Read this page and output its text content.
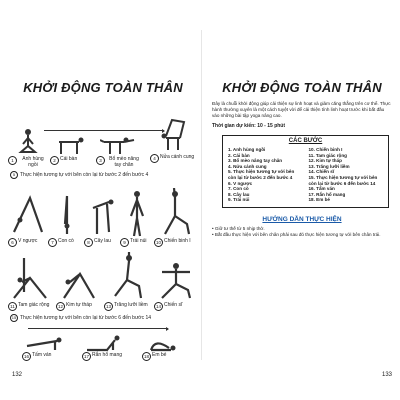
KHỞI ĐỘNG TOÀN THÂN
1	Anh hùng ngồi
2 Cái bàn	3	Bổ mèo nâng tay chân
4 Nửa cánh cung
5 Thực hiện tương tự với bên còn lại từ bước 2 đến bước 4
6 V ngược	7 Con cò	8 Cây lau	9 Trái núi	10 Chiến binh I
11 Tam giác rộng	12 Kim tự tháp	13 Trăng lưỡi liềm	14 Chiến sĩ
15 Thực hiện tương tự với bên còn lại từ bước 6 đến bước 14
16 Tấm ván	17 Rắn hổ mang	18 Em bé
132
KHỞI ĐỘNG TOÀN THÂN

Đây là chuỗi khởi động giúp cải thiện sự linh hoạt và giảm căng thẳng trên cơ thể. Thực hành thường xuyên là một cách tuyệt vời để cải thiện tính linh hoạt trước khi bắt đầu vào những bài tập yoga nâng cao.

Thời gian dự kiến: 10 - 15 phút
CÁC BƯỚC
1. Anh hùng ngồi
2. Cái bàn
3. Bổ mèo nâng tay chân
4. Nửa cánh cung
5. Thực hiện tương tự với bên còn lại từ bước 2 đến bước 4
6. V ngược
7. Con cò
8. Cây lau
9. Trái núi
10. Chiến binh I
11. Tam giác rộng
12. Kim tự tháp
13. Trăng lưỡi liềm
14. Chiến sĩ
15. Thực hiện tương tự với bên còn lại từ bước 6 đến bước 14
16. Tấm ván
17. Rắn hổ mang
18. Em bé
HƯỚNG DẪN THỰC HIỆN
• Giữ tư thế từ 5 nhịp thở.
• Bắt đầu thực hiện với bên chân phải sau đó thực hiện tương tự với bên chân trái.
133
